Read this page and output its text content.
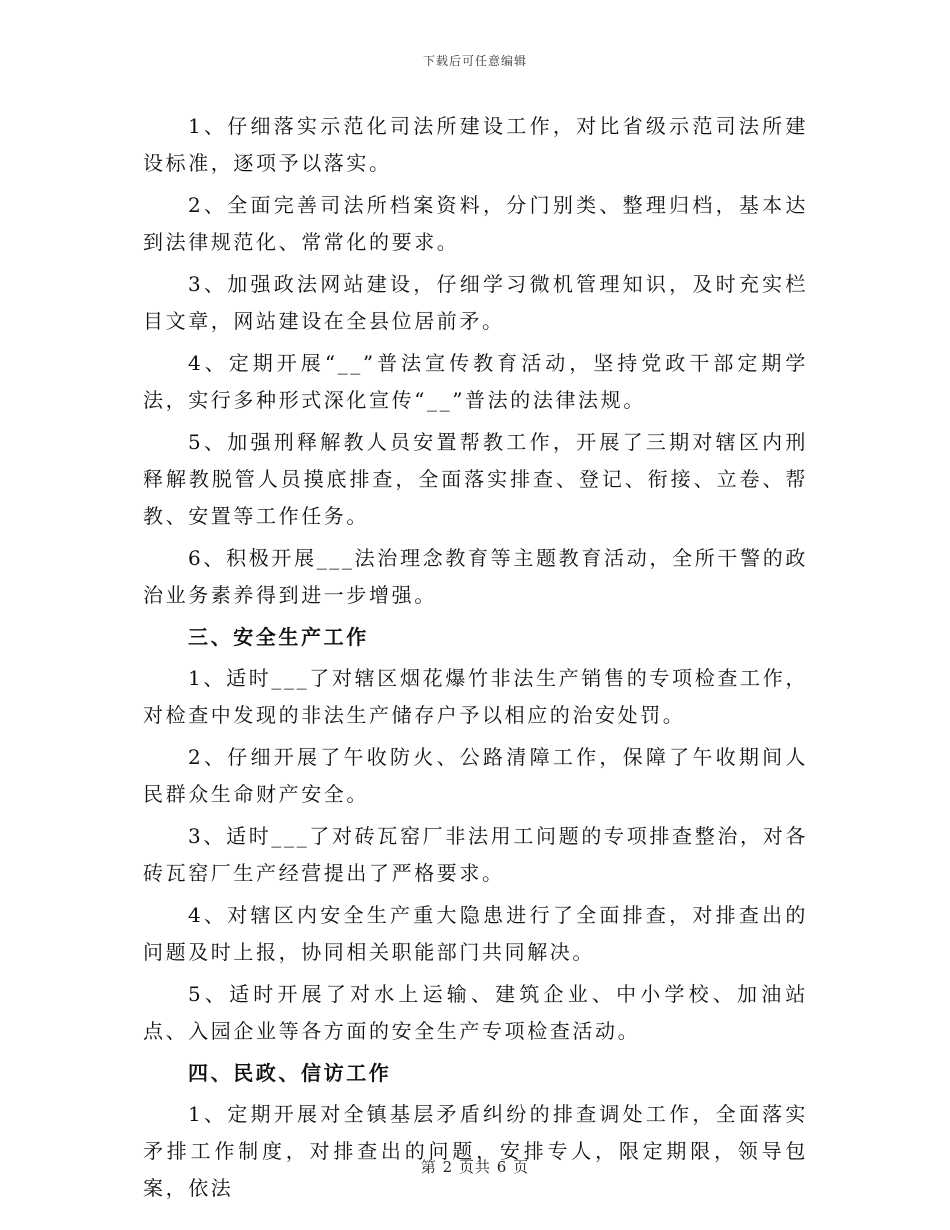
下载后可任意编辑

1、仔细落实示范化司法所建设工作，对比省级示范司法所建设标准，逐项予以落实。

2、全面完善司法所档案资料，分门别类、整理归档，基本达到法律规范化、常常化的要求。

3、加强政法网站建设，仔细学习微机管理知识，及时充实栏目文章，网站建设在全县位居前矛。

4、定期开展“__”普法宣传教育活动，坚持党政干部定期学法，实行多种形式深化宣传“__”普法的法律法规。

5、加强刑释解教人员安置帮教工作，开展了三期对辖区内刑释解教脱管人员摸底排查，全面落实排查、登记、衔接、立卷、帮教、安置等工作任务。

6、积极开展___法治理念教育等主题教育活动，全所干警的政治业务素养得到进一步增强。

三、安全生产工作

1、适时___了对辖区烟花爆竹非法生产销售的专项检查工作，对检查中发现的非法生产储存户予以相应的治安处罚。

2、仔细开展了午收防火、公路清障工作，保障了午收期间人民群众生命财产安全。

3、适时___了对砖瓦窑厂非法用工问题的专项排查整治，对各砖瓦窑厂生产经营提出了严格要求。

4、对辖区内安全生产重大隐患进行了全面排查，对排查出的问题及时上报，协同相关职能部门共同解决。

5、适时开展了对水上运输、建筑企业、中小学校、加油站点、入园企业等各方面的安全生产专项检查活动。

四、民政、信访工作

1、定期开展对全镇基层矛盾纠纷的排查调处工作，全面落实矛排工作制度，对排查出的问题，安排专人，限定期限，领导包案，依法

第 2 页共 6 页
